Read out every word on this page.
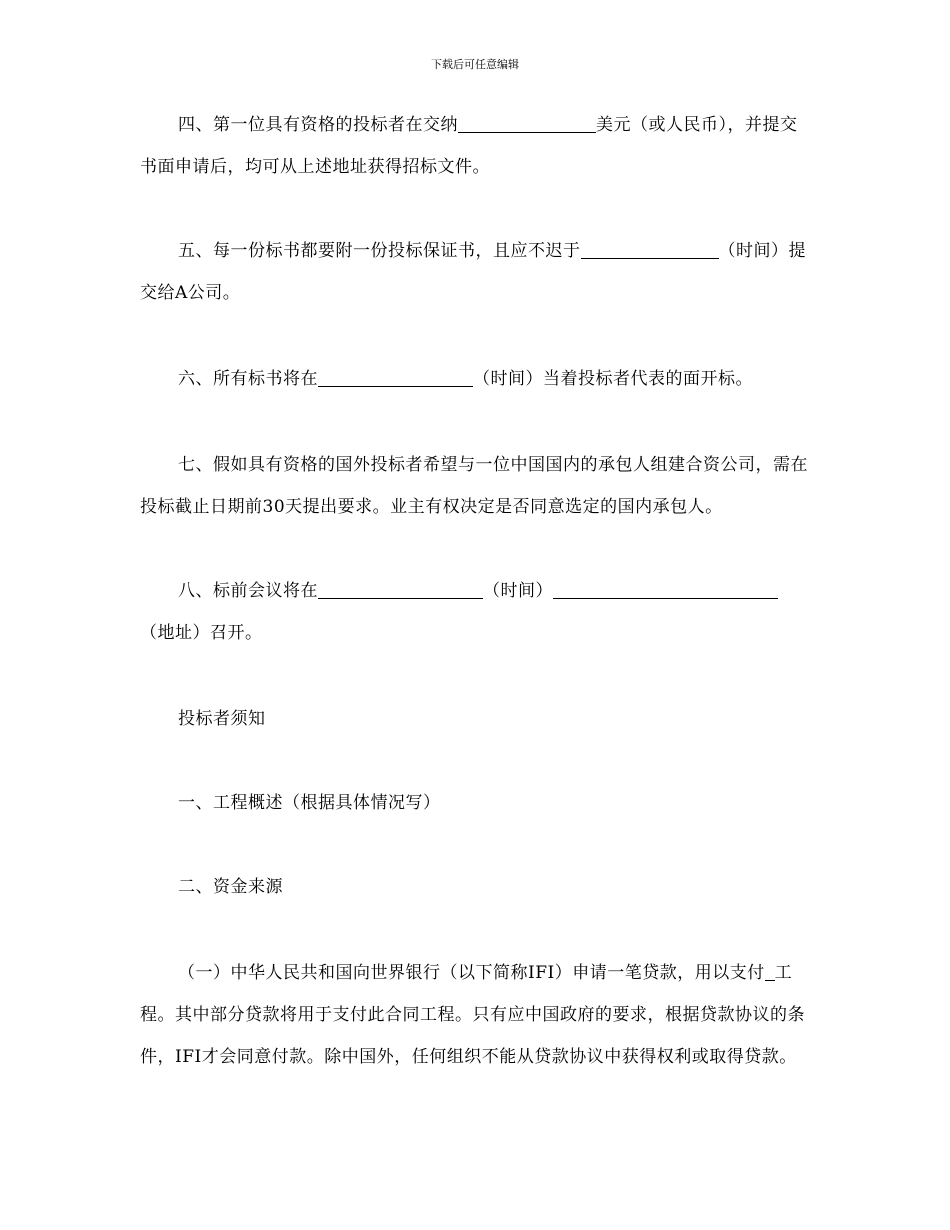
下载后可任意编辑
四、第一位具有资格的投标者在交纳	美元（或人民币），并提交书面申请后，均可从上述地址获得招标文件。
五、每一份标书都要附一份投标保证书，且应不迟于	（时间）提交给A公司。
六、所有标书将在	（时间）当着投标者代表的面开标。
七、假如具有资格的国外投标者希望与一位中国国内的承包人组建合资公司，需在投标截止日期前30天提出要求。业主有权决定是否同意选定的国内承包人。
八、标前会议将在	（时间）（地址）召开。
投标者须知
一、工程概述（根据具体情况写）
二、资金来源
（一）中华人民共和国向世界银行（以下简称IFI）申请一笔贷款，用以支付 工程。其中部分贷款将用于支付此合同工程。只有应中国政府的要求，根据贷款协议的条件，IFI才会同意付款。除中国外，任何组织不能从贷款协议中获得权利或取得贷款。
